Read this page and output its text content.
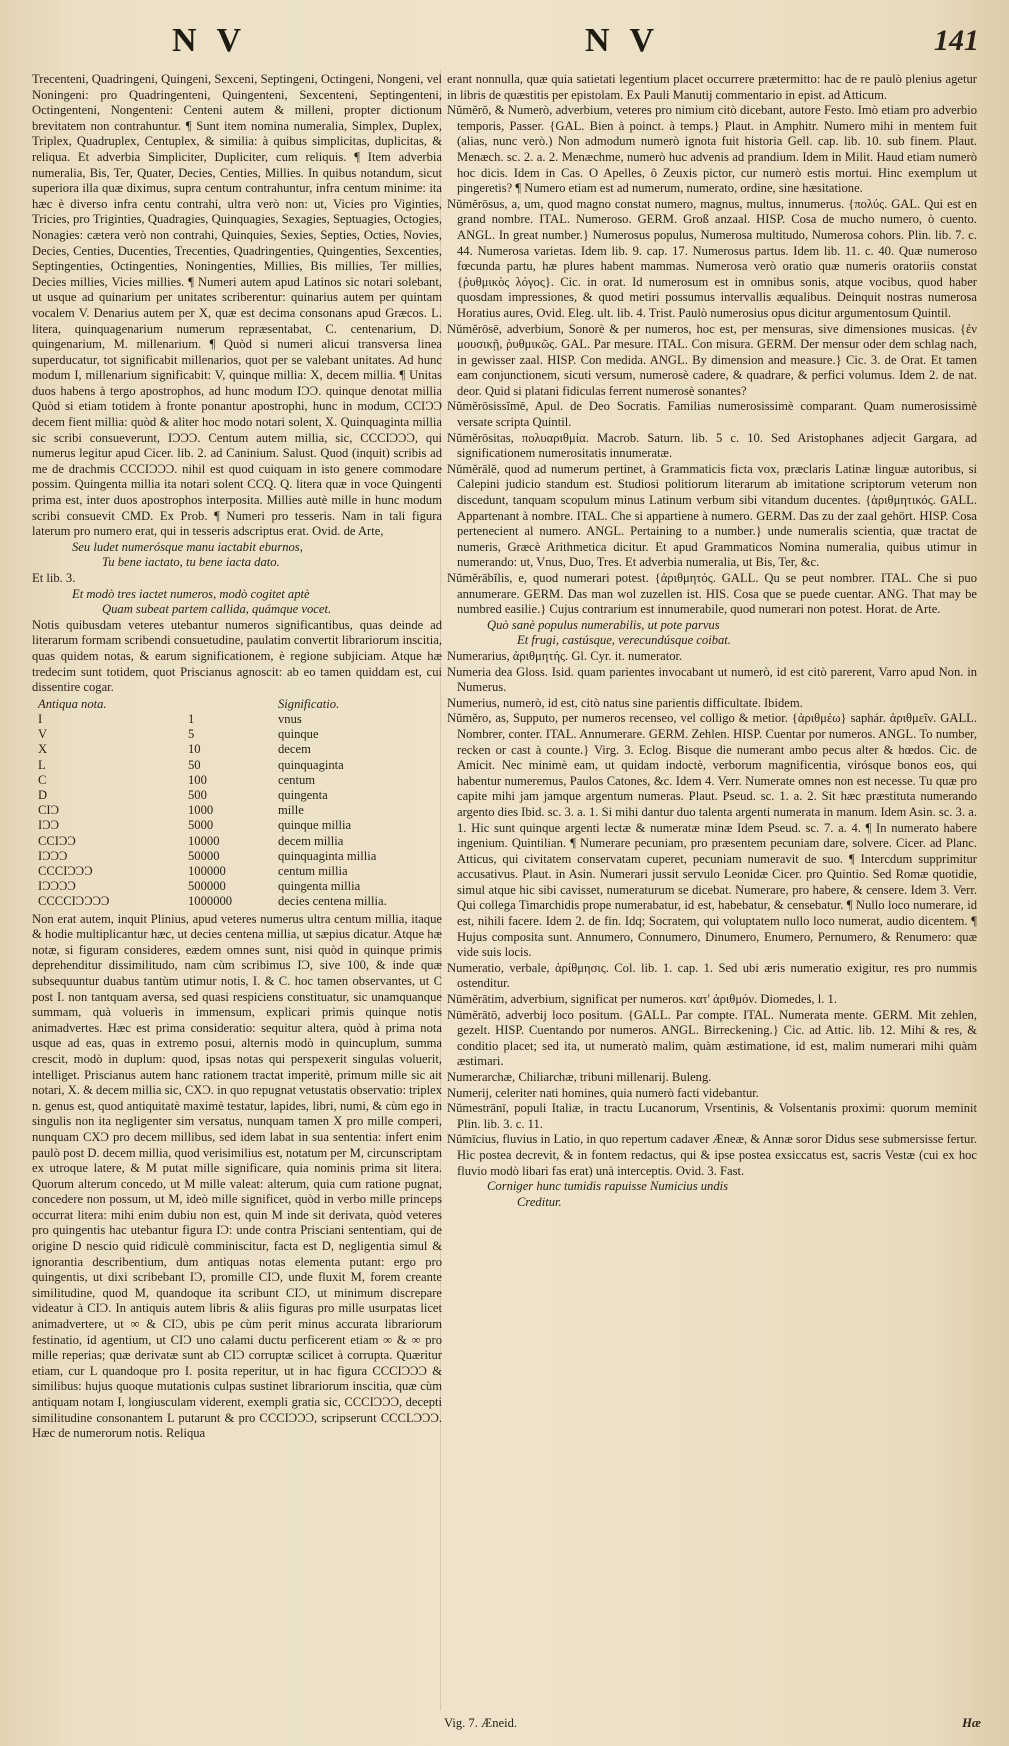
N V	N V	141

Trecenteni, Quadringeni, Quingeni, Sexceni, Septingeni, Octingeni, Nongeni, vel Noningeni: pro Quadringenteni, Quingenteni, Sexcenteni, Septingenteni, Octingenteni, Nongenteni: Centeni autem & milleni, propter dictionum brevitatem non contrahuntur. ¶ Sunt item nomina numeralia, Simplex, Duplex, Triplex, Quadruplex, Centuplex, & similia: à quibus simplicitas, duplicitas, & reliqua. Et adverbia Simpliciter, Dupliciter, cum reliquis. ¶ Item adverbia numeralia, Bis, Ter, Quater, Decies, Centies, Millies. In quibus notandum, sicut superiora illa quæ diximus, supra centum contrahuntur, infra centum minime: ita hæc è diverso infra centu contrahi, ultra verò non: ut, Vicies pro Viginties, Tricies, pro Triginties, Quadragies, Quinquagies, Sexagies, Septuagies, Octogies, Nonagies: cætera verò non contrahi, Quinquies, Sexies, Septies, Octies, Novies, Decies, Centies, Ducenties, Trecenties, Quadringenties, Quingenties, Sexcenties, Septingenties, Octingenties, Noningenties, Millies, Bis millies, Ter millies, Decies millies, Vicies millies. ¶ Numeri autem apud Latinos sic notari solebant, ut usque ad quinarium per unitates scriberentur: quinarius autem per quintam vocalem V. Denarius autem per X, quæ est decima consonans apud Græcos. L. litera, quinquagenarium numerum repræsentabat, C. centenarium, D. quingenarium, M. millenarium. ¶ Quòd si numeri alicui transversa linea superducatur, tot significabit millenarios, quot per se valebant unitates. Ad hunc modum I, millenarium significabit: V, quinque millia: X, decem millia. ¶ Unitas duos habens à tergo apostrophos, ad hunc modum IƆƆ. quinque denotat millia Quòd si etiam totidem à fronte ponantur apostrophi, hunc in modum, CCIƆƆ decem fient millia: quòd & aliter hoc modo notari solent, X. Quinquaginta millia sic scribi consueverunt, IƆƆƆ. Centum autem millia, sic, CCCIƆƆƆ, qui numerus legitur apud Cicer. lib. 2. ad Caninium. Salust. Quod (inquit) scribis ad me de drachmis CCCIƆƆƆ. nihil est quod cuiquam in isto genere commodare possim. Quingenta millia ita notari solent CCQ. Q. litera quæ in voce Quingenti prima est, inter duos apostrophos interposita. Millies autè mille in hunc modum scribi consuevit CMD. Ex Prob. ¶ Numeri pro tesseris. Nam in tali figura laterum pro numero erat, qui in tesseris adscriptus erat. Ovid. de Arte,

Seu ludet numerósque manu iactabit eburnos,

Tu bene iactato, tu bene iacta dato.

Et lib. 3.

Et modò tres iactet numeros, modò cogitet aptè

Quam subeat partem callida, quámque vocet.

Notis quibusdam veteres utebantur numeros significantibus, quas deinde ad literarum formam scribendi consuetudine, paulatim convertit librariorum inscitia, quas quidem notas, & earum significationem, è regione subjiciam. Atque hæ tredecim sunt totidem, quot Priscianus agnoscit: ab eo tamen quiddam est, cui dissentire cogar.

Antiqua nota.		Significatio.
I	1	vnus
V	5	quinque
X	10	decem
L	50	quinquaginta
C	100	centum
D	500	quingenta
CIƆ	1000	mille
IƆƆ	5000	quinque millia
CCIƆƆ	10000	decem millia
IƆƆƆ	50000	quinquaginta millia
CCCIƆƆƆ	100000	centum millia
IƆƆƆƆ	500000	quingenta millia
CCCCIƆƆƆƆ	1000000	decies centena millia.

Non erat autem, inquit Plinius, apud veteres numerus ultra centum millia, itaque & hodie multiplicantur hæc, ut decies centena millia, ut sæpius dicatur. Atque hæ notæ, si figuram consideres, eædem omnes sunt, nisi quòd in quinque primis deprehenditur dissimilitudo, nam cùm scribimus IƆ, sive 100, & inde quæ subsequuntur duabus tantùm utimur notis, I. & C. hoc tamen observantes, ut C post I. non tantquam aversa, sed quasi respiciens constituatur, sic unamquanque summam, quà voluerìs in immensum, explicari primis quinque notis animadvertes. Hæc est prima consideratio: sequitur altera, quòd à prima nota usque ad eas, quas in extremo posui, alternis modò in quincuplum, summa crescit, modò in duplum: quod, ipsas notas qui perspexerit singulas voluerit, intelliget. Priscianus autem hanc rationem tractat imperitè, primum mille sic ait notari, X. & decem millia sic, CXƆ. in quo repugnat vetustatis observatio: triplex n. genus est, quod antiquitatè maximè testatur, lapides, libri, numi, & cùm ego in singulis non ita negligenter sim versatus, nunquam tamen X pro mille comperi, nunquam CXƆ pro decem millibus, sed idem labat in sua sententia: infert enim paulò post D. decem millia, quod verisimilius est, notatum per M, circunscriptam ex utroque latere, & M putat mille significare, quia nominis prima sit litera. Quorum alterum concedo, ut M mille valeat: alterum, quia cum ratione pugnat, concedere non possum, ut M, ideò mille significet, quòd in verbo mille princeps occurrat litera: mihi enim dubiu non est, quin M inde sit derivata, quòd veteres pro quingentis hac utebantur figura IƆ: unde contra Prisciani sententiam, qui de origine D nescio quid ridiculè comminiscitur, facta est D, negligentia simul & ignorantia describentium, dum antiquas notas elementa putant: ergo pro quingentis, ut dixi scribebant IƆ, promille CIƆ, unde fluxit M, forem creante similitudine, quod M, quandoque ita scribunt CIƆ, ut minimum discrepare videatur à CIƆ. In antiquis autem libris & aliis figuras pro mille usurpatas licet animadvertere, ut ∞ & CIƆ, ubis pe cùm perit minus accurata librariorum festinatio, id agentium, ut CIƆ uno calami ductu perficerent etiam ∞ & ∞ pro mille reperias; quæ derivatæ sunt ab CIƆ corruptæ scilicet à corrupta. Quæritur etiam, cur L quandoque pro I. posita reperitur, ut in hac figura CCCIƆƆƆ & similibus: hujus quoque mutationis culpas sustinet librariorum inscitia, quæ cùm antiquam notam I, longiusculam viderent, exempli gratia sic, CCCIƆƆƆ, decepti similitudine consonantem L putarunt & pro CCCIƆƆƆ, scripserunt CCCLƆƆƆ. Hæc de numerorum notis. Reliqua

erant nonnulla, quæ quia satietati legentium placet occurrere prætermitto: hac de re paulò plenius agetur in libris de quæstitis per epistolam. Ex Pauli Manutij commentario in epist. ad Atticum.

Nŭmĕrŏ, & Numerò, adverbium, veteres pro nimium citò dicebant, autore Festo. Imò etiam pro adverbio temporis, Passer. {GAL. Bien à poinct. à temps.} Plaut. in Amphitr. Numero mihi in mentem fuit (alias, nunc verò.) Non admodum numerò ignota fuit historia Gell. cap. lib. 10. sub finem. Plaut. Menæch. sc. 2. a. 2. Menæchme, numerò huc advenis ad prandium. Idem in Milit. Haud etiam numerò hoc dicis. Idem in Cas. O Apelles, ô Zeuxis pictor, cur numerò estis mortui. Hinc exemplum ut pingeretis? ¶ Numero etiam est ad numerum, numerato, ordine, sine hæsitatione.

Nŭmĕrōsus, a, um, quod magno constat numero, magnus, multus, innumerus. {πολύς. GAL. Qui est en grand nombre. ITAL. Numeroso. GERM. Groß anzaal. HISP. Cosa de mucho numero, ò cuento. ANGL. In great number.} Numerosus populus, Numerosa multitudo, Numerosa cohors. Plin. lib. 7. c. 44. Numerosa varietas. Idem lib. 9. cap. 17. Numerosus partus. Idem lib. 11. c. 40. Quæ numeroso fœcunda partu, hæ plures habent mammas. Numerosa verò oratio quæ numeris oratoriis constat {ῥυθμικὸς λόγος}. Cic. in orat. Id numerosum est in omnibus sonis, atque vocibus, quod haber quosdam impressiones, & quod metiri possumus intervallis æqualibus. Deinquit nostras numerosa Horatius aures, Ovid. Eleg. ult. lib. 4. Trist. Paulò numerosius opus dicitur argumentosum Quintil.

Nŭmĕrōsē, adverbium, Sonorè & per numeros, hoc est, per mensuras, sive dimensiones musicas. {ἐν μουσικῇ, ῥυθμικῶς. GAL. Par mesure. ITAL. Con misura. GERM. Der mensur oder dem schlag nach, in gewisser zaal. HISP. Con medida. ANGL. By dimension and measure.} Cic. 3. de Orat. Et tamen eam conjunctionem, sicuti versum, numerosè cadere, & quadrare, & perfici volumus. Idem 2. de nat. deor. Quid si platani fidiculas ferrent numerosè sonantes?

Nŭmĕrōsissĭmē, Apul. de Deo Socratis. Familias numerosissimè comparant. Quam numerosissimè versate scripta Quintil.

Nŭmĕrōsitas, πολυαριθμία. Macrob. Saturn. lib. 5 c. 10. Sed Aristophanes adjecit Gargara, ad significationem numerositatis innumeratæ.

Nŭmĕrālĕ, quod ad numerum pertinet, à Grammaticis ficta vox, præclaris Latinæ linguæ autoribus, si Calepini judicio standum est. Studiosi politiorum literarum ab imitatione scriptorum veterum non discedunt, tanquam scopulum minus Latinum verbum sibi vitandum ducentes. {ἀριθμητικός. GALL. Appartenant à nombre. ITAL. Che si appartiene à numero. GERM. Das zu der zaal gehört. HISP. Cosa pertenecient al numero. ANGL. Pertaining to a number.} unde numeralis scientia, quæ tractat de numeris, Græcè Arithmetica dicitur. Et apud Grammaticos Nomina numeralia, quibus utimur in numerando: ut, Vnus, Duo, Tres. Et adverbia numeralia, ut Bis, Ter, &c.

Nŭmĕrābĭlis, e, quod numerari potest. {ἀριθμητός. GALL. Qu se peut nombrer. ITAL. Che si puo annumerare. GERM. Das man wol zuzellen ist. HIS. Cosa que se puede cuentar. ANG. That may be numbred easilie.} Cujus contrarium est innumerabile, quod numerari non potest. Horat. de Arte.

Quò sanè populus numerabilis, ut pote parvus

Et frugi, castúsque, verecundúsque coibat.

Numerarius, ἀριθμητής. Gl. Cyr. it. numerator.

Numeria dea Gloss. Isid. quam parientes invocabant ut numerò, id est citò parerent, Varro apud Non. in Numerus.

Numerius, numerò, id est, citò natus sine parientis difficultate. Ibidem.

Nŭmĕro, as, Supputo, per numeros recenseo, vel colligo & metior. {ἀριθμέω} saphár. ἀριθμεῖν. GALL. Nombrer, conter. ITAL. Annumerare. GERM. Zehlen. HISP. Cuentar por numeros. ANGL. To number, recken or cast à counte.} Virg. 3. Eclog. Bisque die numerant ambo pecus alter & hœdos. Cic. de Amicit. Nec minimè eam, ut quidam indoctè, verborum magnificentia, virósque bonos eos, qui habentur numeremus, Paulos Catones, &c. Idem 4. Verr. Numerate omnes non est necesse. Tu quæ pro capite mihi jam jamque argentum numeras. Plaut. Pseud. sc. 1. a. 2. Sit hæc præstituta numerando argento dies Ibid. sc. 3. a. 1. Si mihi dantur duo talenta argenti numerata in manum. Idem Asin. sc. 3. a. 1. Hic sunt quinque argenti lectæ & numeratæ minæ Idem Pseud. sc. 7. a. 4. ¶ In numerato habere ingenium. Quintilian. ¶ Numerare pecuniam, pro præsentem pecuniam dare, solvere. Cicer. ad Planc. Atticus, qui civitatem conservatam cuperet, pecuniam numeravit de suo. ¶ Intercdum supprimitur accusativus. Plaut. in Asin. Numerari jussit servulo Leonidæ Cicer. pro Quintio. Sed Romæ quotidie, simul atque hic sibi cavisset, numeraturum se dicebat. Numerare, pro habere, & censere. Idem 3. Verr. Qui collega Timarchidis prope numerabatur, id est, habebatur, & censebatur. ¶ Nullo loco numerare, id est, nihili facere. Idem 2. de fin. Idq; Socratem, qui voluptatem nullo loco numerat, audio dicentem. ¶ Hujus composita sunt. Annumero, Connumero, Dinumero, Enumero, Pernumero, & Renumero: quæ vide suis locis.

Numeratio, verbale, ἀρίθμησις. Col. lib. 1. cap. 1. Sed ubi æris numeratio exigitur, res pro nummis ostenditur.

Nūmĕrātim, adverbium, significat per numeros. κατ' ἀριθμόν. Diomedes, l. 1.

Nūmĕrātō, adverbij loco positum. {GALL. Par compte. ITAL. Numerata mente. GERM. Mit zehlen, gezelt. HISP. Cuentando por numeros. ANGL. Birreckening.} Cic. ad Attic. lib. 12. Mihi & res, & conditio placet; sed ita, ut numeratò malim, quàm æstimatione, id est, malim numerari mihi quàm æstimari.

Numerarchæ, Chiliarchæ, tribuni millenarij. Buleng.

Numerij, celeriter nati homines, quia numerò facti videbantur.

Nŭmestrānī, populi Italiæ, in tractu Lucanorum, Vrsentinis, & Volsentanis proximi: quorum meminit Plin. lib. 3. c. 11.

Nŭmīcius, fluvius in Latio, in quo repertum cadaver Æneæ, & Annæ soror Didus sese submersisse fertur. Hic postea decrevit, & in fontem redactus, qui & ipse postea exsiccatus est, sacris Vestæ (cui ex hoc fluvio modò libari fas erat) unà interceptis. Ovid. 3. Fast.

Corniger hunc tumidis rapuisse Numicius undis

Creditur.

Vig. 7. Æneid.	Hæ
